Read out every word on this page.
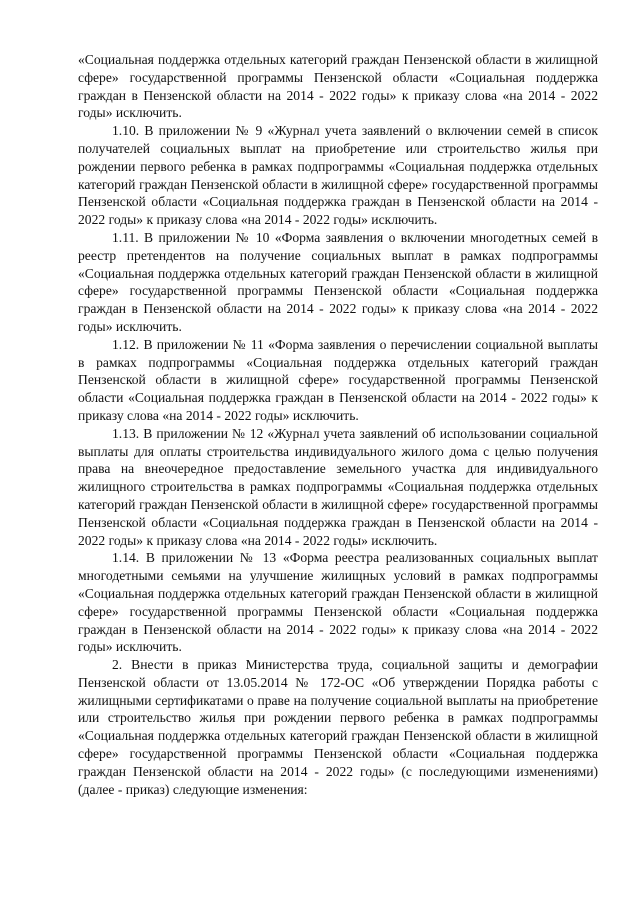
«Социальная поддержка отдельных категорий граждан Пензенской области в жилищной сфере» государственной программы Пензенской области «Социальная поддержка граждан в Пензенской области на 2014 - 2022 годы» к приказу слова «на 2014 - 2022 годы» исключить.

1.10. В приложении № 9 «Журнал учета заявлений о включении семей в список получателей социальных выплат на приобретение или строительство жилья при рождении первого ребенка в рамках подпрограммы «Социальная поддержка отдельных категорий граждан Пензенской области в жилищной сфере» государственной программы Пензенской области «Социальная поддержка граждан в Пензенской области на 2014 - 2022 годы» к приказу слова «на 2014 - 2022 годы» исключить.

1.11. В приложении № 10 «Форма заявления о включении многодетных семей в реестр претендентов на получение социальных выплат в рамках подпрограммы «Социальная поддержка отдельных категорий граждан Пензенской области в жилищной сфере» государственной программы Пензенской области «Социальная поддержка граждан в Пензенской области на 2014 - 2022 годы» к приказу слова «на 2014 - 2022 годы» исключить.

1.12. В приложении № 11 «Форма заявления о перечислении социальной выплаты в рамках подпрограммы «Социальная поддержка отдельных категорий граждан Пензенской области в жилищной сфере» государственной программы Пензенской области «Социальная поддержка граждан в Пензенской области на 2014 - 2022 годы» к приказу слова «на 2014 - 2022 годы» исключить.

1.13. В приложении № 12 «Журнал учета заявлений об использовании социальной выплаты для оплаты строительства индивидуального жилого дома с целью получения права на внеочередное предоставление земельного участка для индивидуального жилищного строительства в рамках подпрограммы «Социальная поддержка отдельных категорий граждан Пензенской области в жилищной сфере» государственной программы Пензенской области «Социальная поддержка граждан в Пензенской области на 2014 - 2022 годы» к приказу слова «на 2014 - 2022 годы» исключить.

1.14. В приложении № 13 «Форма реестра реализованных социальных выплат многодетными семьями на улучшение жилищных условий в рамках подпрограммы «Социальная поддержка отдельных категорий граждан Пензенской области в жилищной сфере» государственной программы Пензенской области «Социальная поддержка граждан в Пензенской области на 2014 - 2022 годы» к приказу слова «на 2014 - 2022 годы» исключить.

2. Внести в приказ Министерства труда, социальной защиты и демографии Пензенской области от 13.05.2014 № 172-ОС «Об утверждении Порядка работы с жилищными сертификатами о праве на получение социальной выплаты на приобретение или строительство жилья при рождении первого ребенка в рамках подпрограммы «Социальная поддержка отдельных категорий граждан Пензенской области в жилищной сфере» государственной программы Пензенской области «Социальная поддержка граждан Пензенской области на 2014 - 2022 годы» (с последующими изменениями) (далее - приказ) следующие изменения:
